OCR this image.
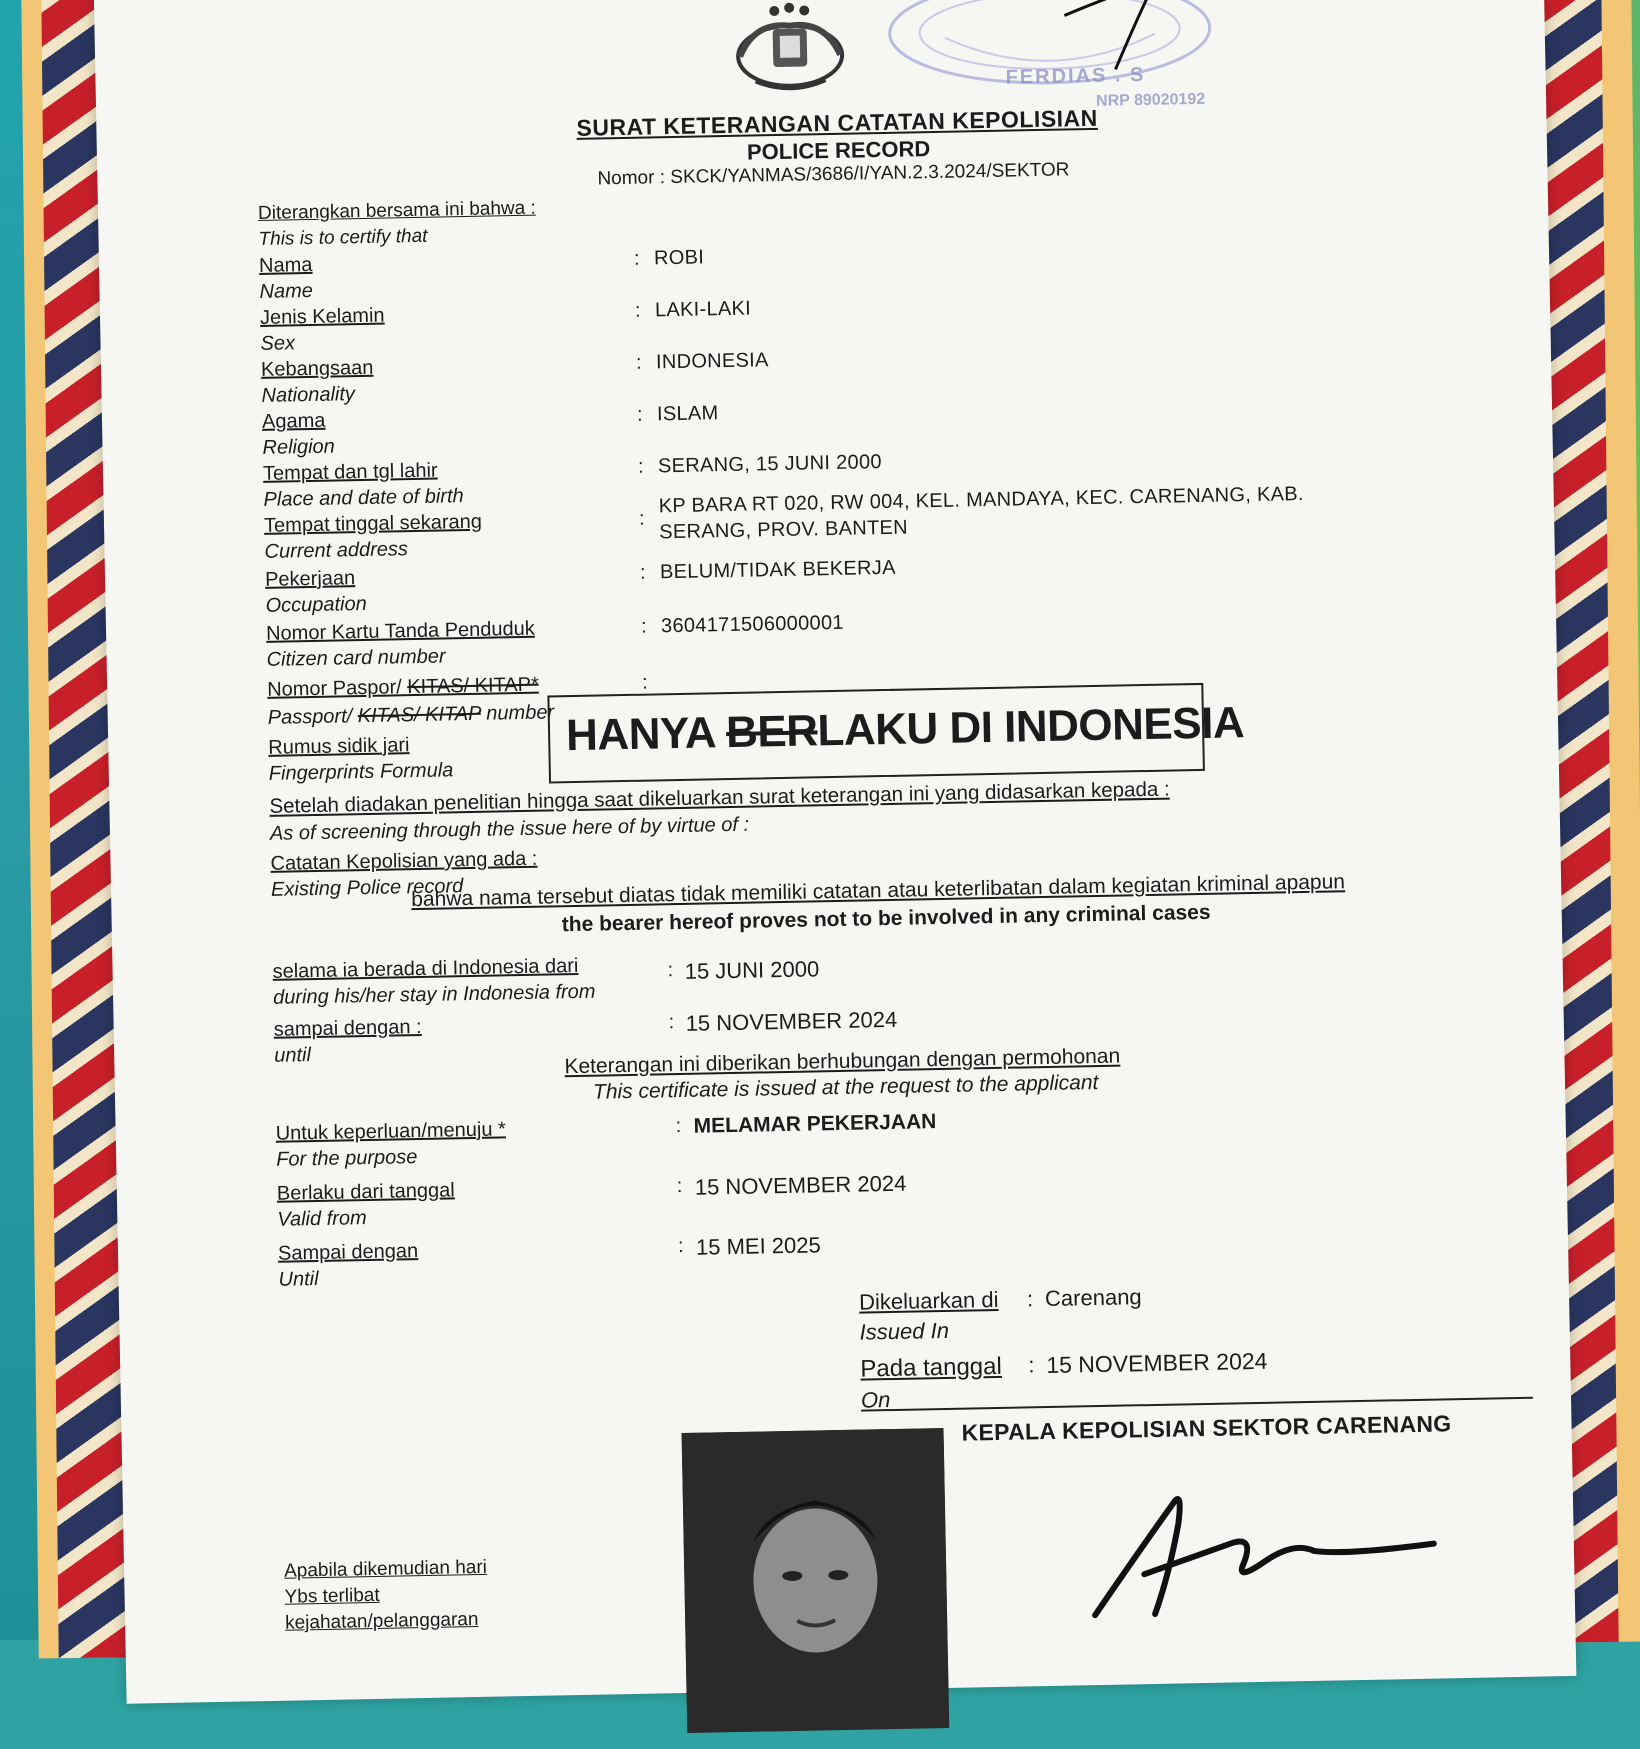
FERDIAS . S
NRP 89020192
SURAT KETERANGAN CATATAN KEPOLISIAN
POLICE RECORD
Nomor : SKCK/YANMAS/3686/I/YAN.2.3.2024/SEKTOR
Diterangkan bersama ini bahwa :
This is to certify that
Nama
Name
: ROBI
Jenis Kelamin
Sex
: LAKI-LAKI
Kebangsaan
Nationality
: INDONESIA
Agama
Religion
: ISLAM
Tempat dan tgl lahir
Place and date of birth
: SERANG, 15 JUNI 2000
Tempat tinggal sekarang
Current address
:
KP BARA RT 020, RW 004, KEL. MANDAYA, KEC. CARENANG, KAB.
SERANG, PROV. BANTEN
Pekerjaan
Occupation
: BELUM/TIDAK BEKERJA
Nomor Kartu Tanda Penduduk
Citizen card number
: 3604171506000001
Nomor Paspor/ KITAS/ KITAP*
Passport/ KITAS/ KITAP number
:
Rumus sidik jari
Fingerprints Formula
HANYA BERLAKU DI INDONESIA
Setelah diadakan penelitian hingga saat dikeluarkan surat keterangan ini yang didasarkan kepada :
As of screening through the issue here of by virtue of :
Catatan Kepolisian yang ada :
Existing Police record
bahwa nama tersebut diatas tidak memiliki catatan atau keterlibatan dalam kegiatan kriminal apapun
the bearer hereof proves not to be involved in any criminal cases
selama ia berada di Indonesia dari
during his/her stay in Indonesia from
: 15 JUNI 2000
sampai dengan :
until
: 15 NOVEMBER 2024
Keterangan ini diberikan berhubungan dengan permohonan
This certificate is issued at the request to the applicant
Untuk keperluan/menuju *
For the purpose
: MELAMAR PEKERJAAN
Berlaku dari tanggal
Valid from
: 15 NOVEMBER 2024
Sampai dengan
Until
: 15 MEI 2025
Dikeluarkan di
Issued In
: Carenang
Pada tanggal
On
: 15 NOVEMBER 2024
KEPALA KEPOLISIAN SEKTOR CARENANG
Apabila dikemudian hari
Ybs terlibat
kejahatan/pelanggaran
